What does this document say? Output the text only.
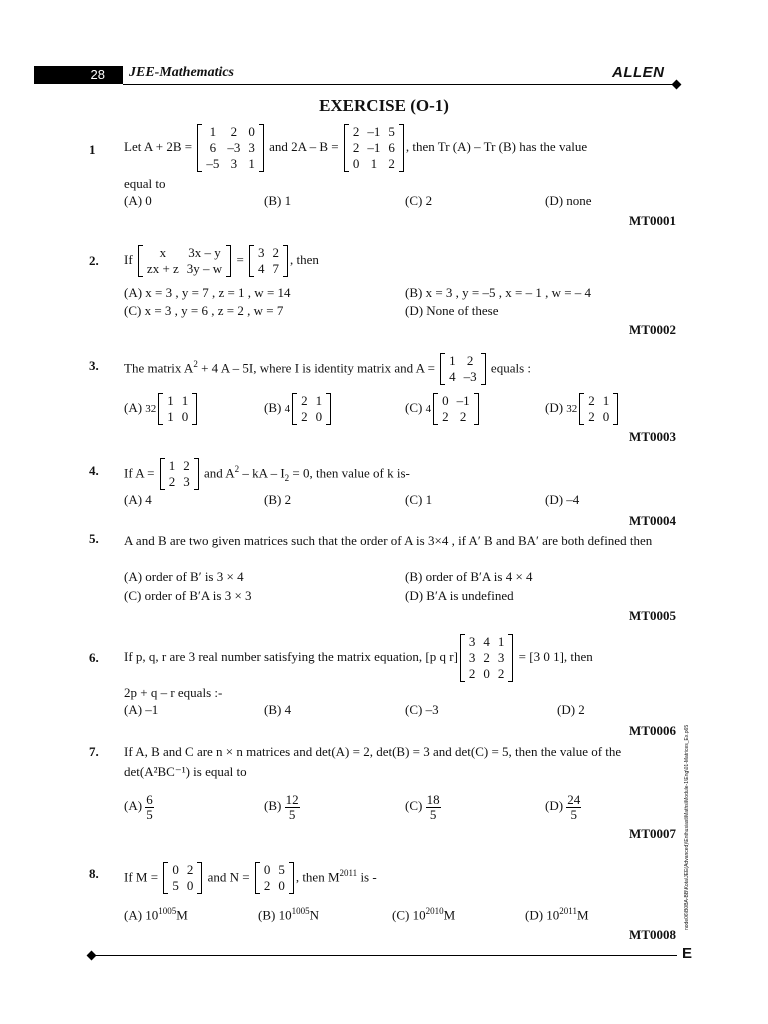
28	JEE-Mathematics	ALLEN
EXERCISE (O-1)
1 Let A + 2B =
1	2	0
6	–3	3
–5	3	1
and 2A – B =
2	–1	5
2	–1	6
0	1	2
, then Tr (A) – Tr (B) has the value
equal to
(A) 0	(B) 1	(C) 2	(D) none
MT0001
2. If x	3x – y
zx + z	3y – w
= 3	2
4	7
, then
(A) x = 3 , y = 7 , z = 1 , w = 14	(B) x = 3 , y = –5 , x = – 1 , w = – 4
(C) x = 3 , y = 6 , z = 2 , w = 7	(D) None of these
MT0002
3. The matrix $A^2 + 4$ A – 5I, where I is identity matrix and A = 1	2
4	–3
equals :
(A) 32
1	1
1	0
(B) 4
2	1
2	0
(C) 4
0	–1
2	2
(D) 32
2	1
2	0
MT0003
4. If A = 1	2
2	3
and $A^2$ – kA – $I_2 = 0$, then value of k is-
(A) 4	(B) 2	(C) 1	(D) –4
MT0004
5. A and B are two given matrices such that the order of A is 3×4 , if A′ B and BA′ are both defined then
(A) order of B′ is 3 × 4	(B) order of B′A is 4 × 4
(C) order of B′A is 3 × 3	(D) B′A is undefined
MT0005
6. If p, q, r are 3 real number satisfying the matrix equation, [p q r]
3	4	1
3	2	3
2	0	2
= [3 0 1], then
2p + q – r equals :-
(A) –1	(B) 4	(C) –3	(D) 2
MT0006
7. If A, B and C are n × n matrices and det(A) = 2, det(B) = 3 and det(C) = 5, then the value of the
det(A²BC⁻¹) is equal to
$(A) \frac{6}{5}$	$(B) \frac{12}{5}$	$(C) \frac{18}{5}$	$(D) \frac{24}{5}$
MT0007
8. If M = 0	2
5	0
and N = 0	5
2	0
, then $M^{2011}$ is -
(A) $10^{1005}M$	(B) $10^{1005}N$	(C) $10^{2010}M$	(D) $10^{2011}M$
MT0008
node06\B0BA-BB\Kota\JEE(Advanced)\Enthusiast\Maths\Module-1\Eng\01-Matrices_Ex.p65
E
